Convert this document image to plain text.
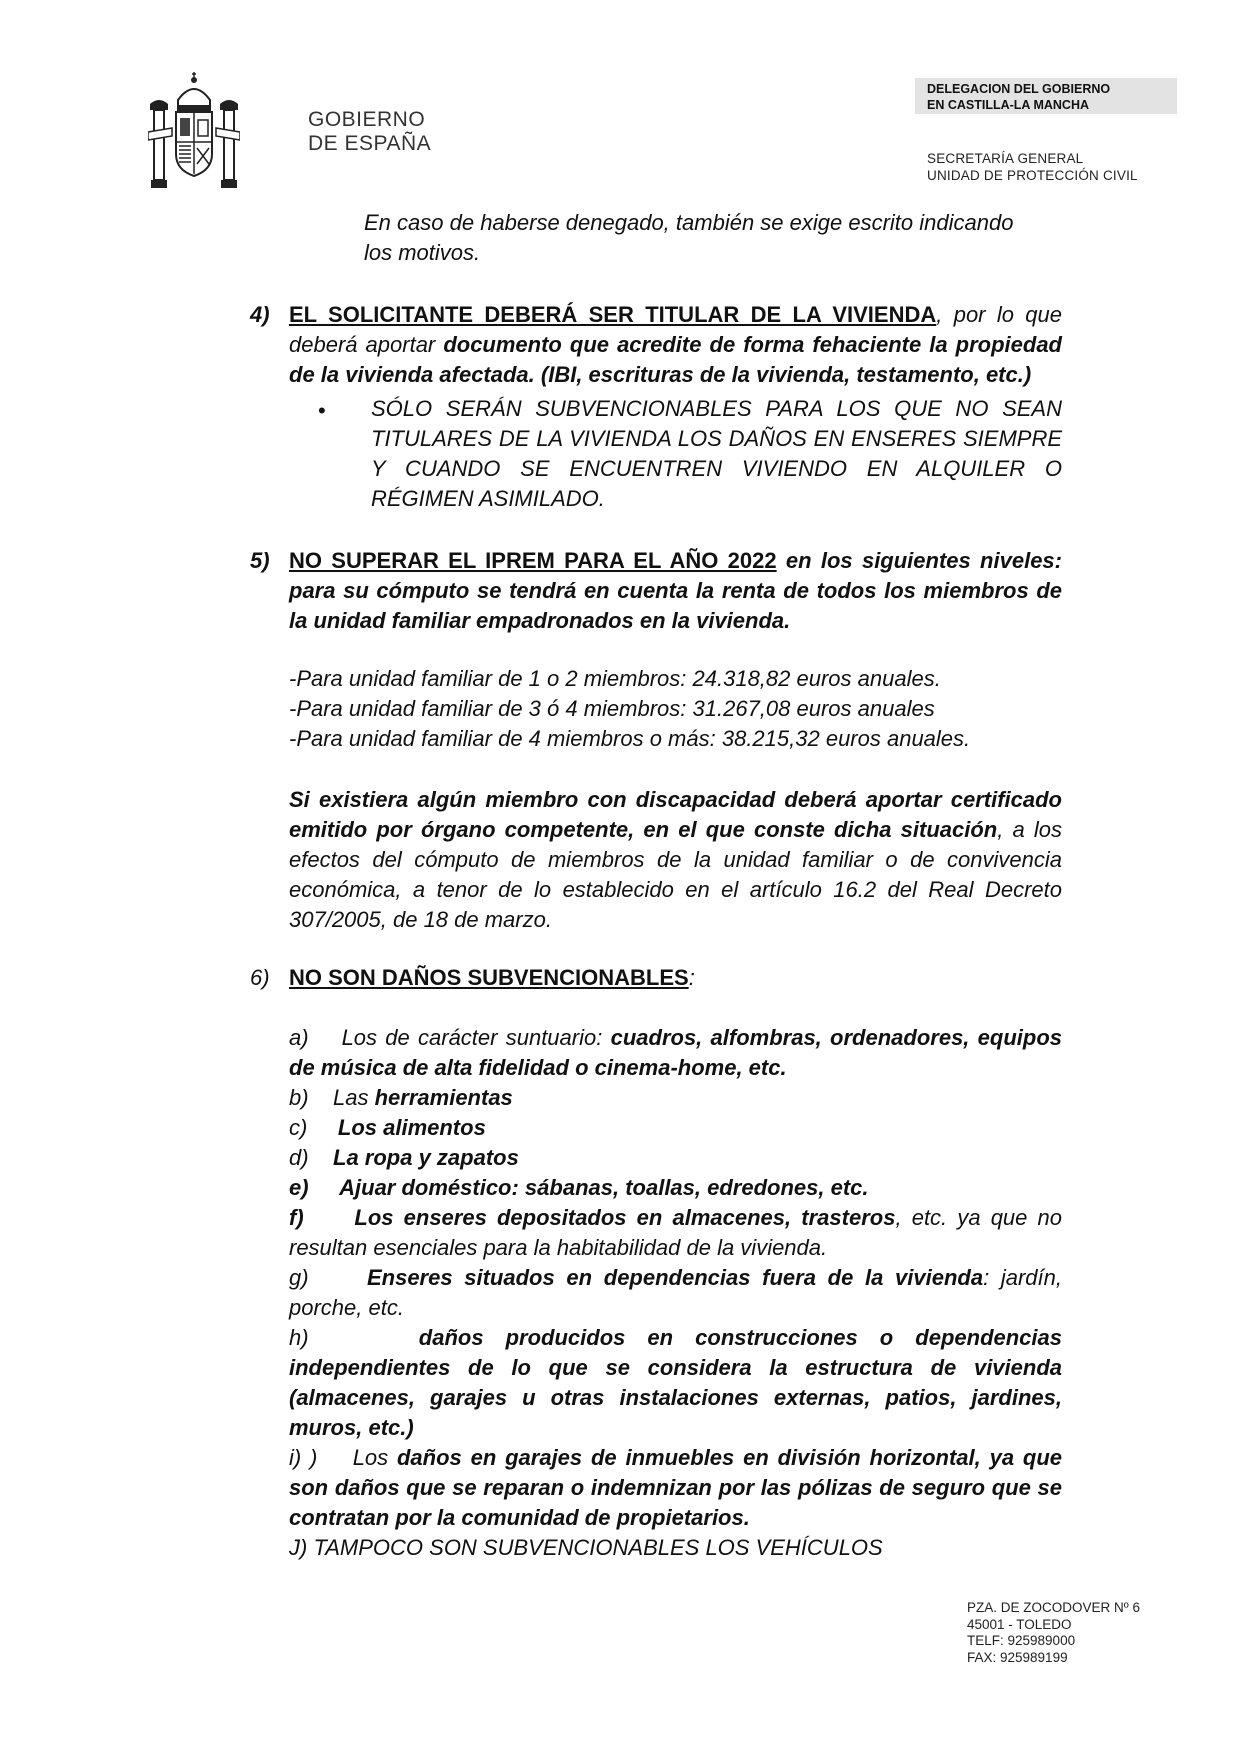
GOBIERNO
DE ESPAÑA
DELEGACION DEL GOBIERNO
EN CASTILLA-LA MANCHA
SECRETARÍA GENERAL
UNIDAD DE PROTECCIÓN CIVIL
En caso de haberse denegado, también se exige escrito indicando
los motivos.
4) EL SOLICITANTE DEBERÁ SER TITULAR DE LA VIVIENDA, por lo que deberá aportar documento que acredite de forma fehaciente la propiedad de la vivienda afectada. (IBI, escrituras de la vivienda, testamento, etc.)
• SÓLO SERÁN SUBVENCIONABLES PARA LOS QUE NO SEAN TITULARES DE LA VIVIENDA LOS DAÑOS EN ENSERES SIEMPRE Y CUANDO SE ENCUENTREN VIVIENDO EN ALQUILER O RÉGIMEN ASIMILADO.
5) NO SUPERAR EL IPREM PARA EL AÑO 2022 en los siguientes niveles: para su cómputo se tendrá en cuenta la renta de todos los miembros de la unidad familiar empadronados en la vivienda.
-Para unidad familiar de 1 o 2 miembros: 24.318,82 euros anuales.
-Para unidad familiar de 3 ó 4 miembros: 31.267,08 euros anuales
-Para unidad familiar de 4 miembros o más: 38.215,32 euros anuales.
Si existiera algún miembro con discapacidad deberá aportar certificado emitido por órgano competente, en el que conste dicha situación, a los efectos del cómputo de miembros de la unidad familiar o de convivencia económica, a tenor de lo establecido en el artículo 16.2 del Real Decreto 307/2005, de 18 de marzo.
6) NO SON DAÑOS SUBVENCIONABLES:
a) Los de carácter suntuario: cuadros, alfombras, ordenadores, equipos de música de alta fidelidad o cinema-home, etc.
b) Las herramientas
c) Los alimentos
d) La ropa y zapatos
e) Ajuar doméstico: sábanas, toallas, edredones, etc.
f) Los enseres depositados en almacenes, trasteros, etc. ya que no resultan esenciales para la habitabilidad de la vivienda.
g)	Enseres situados en dependencias fuera de la vivienda: jardín, porche, etc.
h)	daños producidos en construcciones o dependencias independientes de lo que se considera la estructura de vivienda (almacenes, garajes u otras instalaciones externas, patios, jardines, muros, etc.)
i) ) Los daños en garajes de inmuebles en división horizontal, ya que son daños que se reparan o indemnizan por las pólizas de seguro que se contratan por la comunidad de propietarios.
J) TAMPOCO SON SUBVENCIONABLES LOS VEHÍCULOS
PZA. DE ZOCODOVER Nº 6
45001 - TOLEDO
TELF: 925989000
FAX: 925989199
